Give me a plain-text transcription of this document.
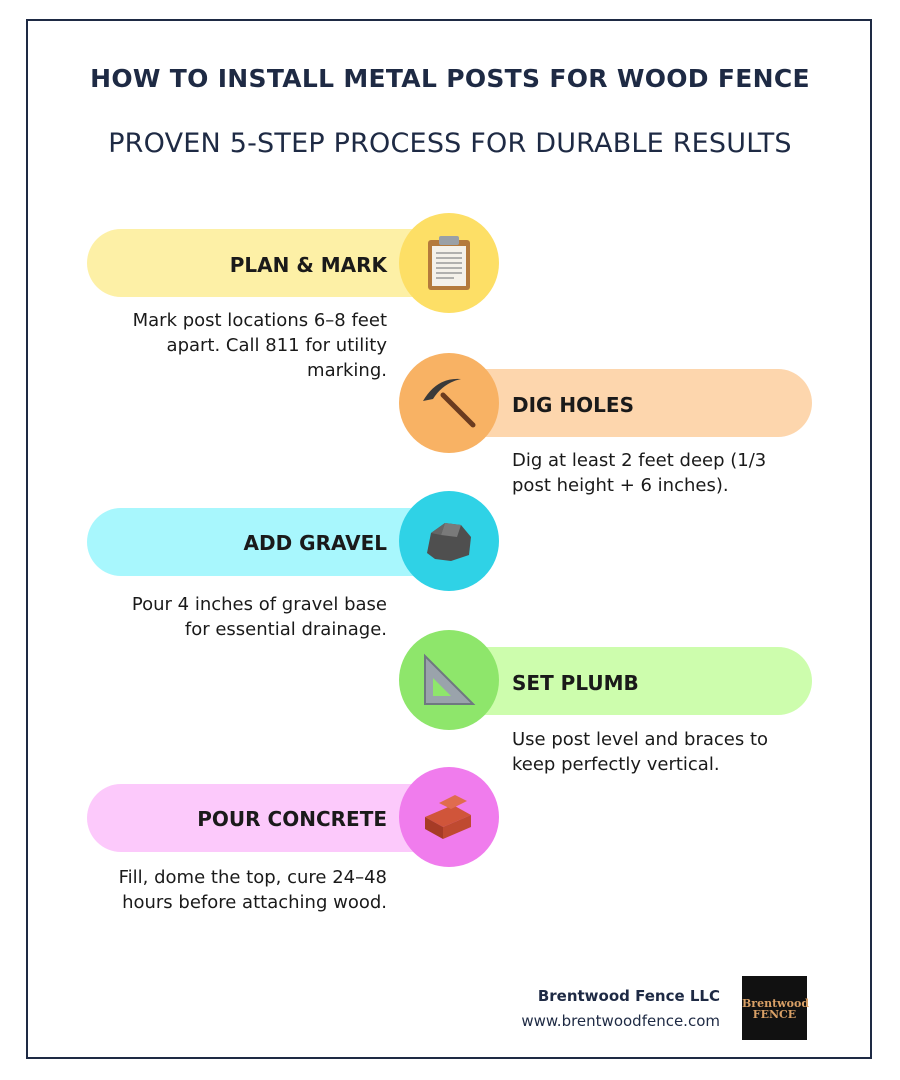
HOW TO INSTALL METAL POSTS FOR WOOD FENCE
PROVEN 5-STEP PROCESS FOR DURABLE RESULTS
PLAN & MARK
Mark post locations 6–8 feet apart. Call 811 for utility marking.
DIG HOLES
Dig at least 2 feet deep (1/3 post height + 6 inches).
ADD GRAVEL
Pour 4 inches of gravel base for essential drainage.
SET PLUMB
Use post level and braces to keep perfectly vertical.
POUR CONCRETE
Fill, dome the top, cure 24–48 hours before attaching wood.
Brentwood Fence LLC
www.brentwoodfence.com
Brentwood FENCE
